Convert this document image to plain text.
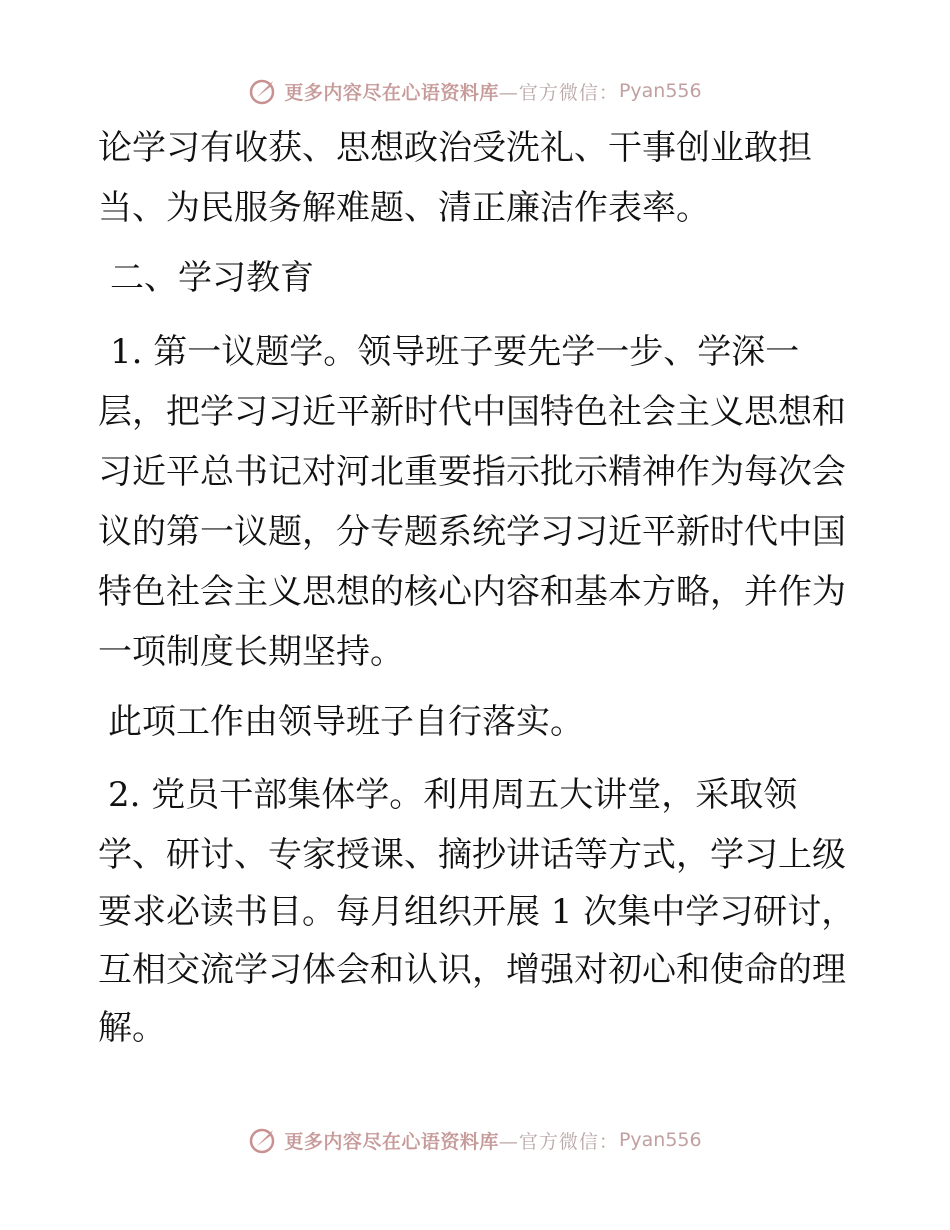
更多内容尽在心语资料库 —官方微信： Pyan556
论学习有收获、思想政治受洗礼、干事创业敢担
当、为民服务解难题、清正廉洁作表率。
二、学习教育
1. 第一议题学。领导班子要先学一步、学深一
层，把学习习近平新时代中国特色社会主义思想和
习近平总书记对河北重要指示批示精神作为每次会
议的第一议题，分专题系统学习习近平新时代中国
特色社会主义思想的核心内容和基本方略，并作为
一项制度长期坚持。
此项工作由领导班子自行落实。
2. 党员干部集体学。利用周五大讲堂，采取领
学、研讨、专家授课、摘抄讲话等方式，学习上级
要求必读书目。每月组织开展 1 次集中学习研讨，
互相交流学习体会和认识，增强对初心和使命的理
解。
更多内容尽在心语资料库 —官方微信： Pyan556
